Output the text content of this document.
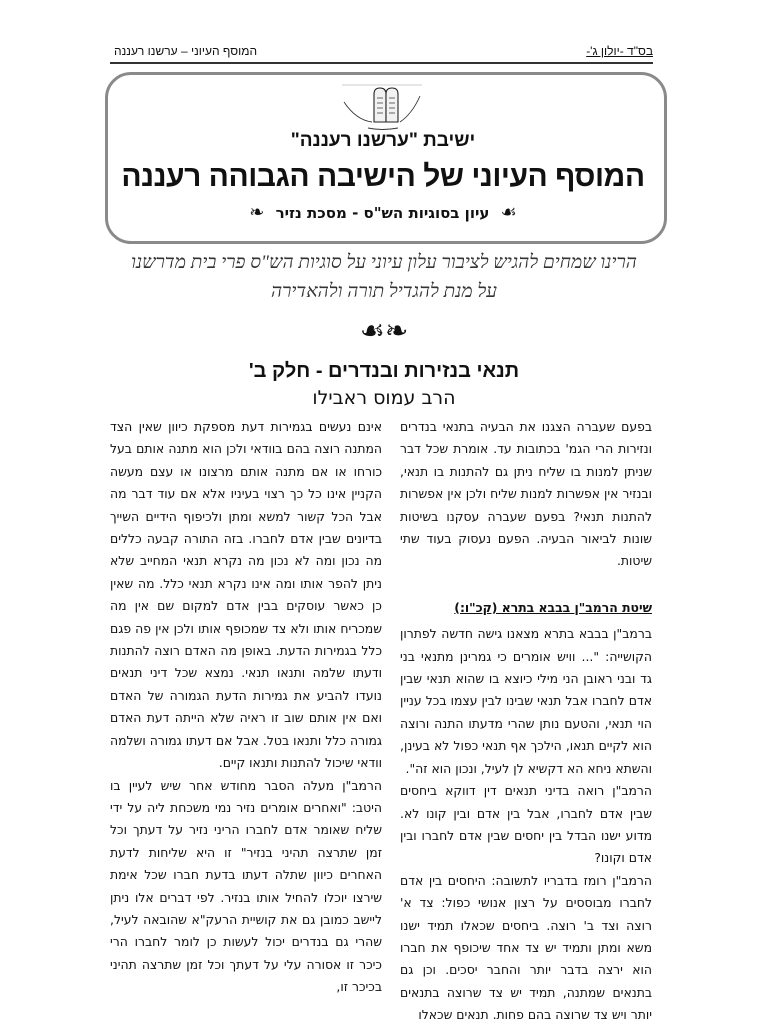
בס"ד -יולון ג'-
המוסף העיוני – ערשנו רעננה
ישיבת "ערשנו רעננה"
המוסף העיוני של הישיבה הגבוהה רעננה
☙ עיון בסוגיות הש"ס - מסכת נזיר ❧
הרינו שמחים להגיש לציבור עלון עיוני על סוגיות הש"ס פרי בית מדרשנו
על מנת להגדיל תורה ולהאדירה
☙❧
תנאי בנזירות ובנדרים - חלק ב'
הרב עמוס ראבילו

בפעם שעברה הצגנו את הבעיה בתנאי בנדרים ונזירות הרי הגמ' בכתובות עד. אומרת שכל דבר שניתן למנות בו שליח ניתן גם להתנות בו תנאי, ובנזיר אין אפשרות למנות שליח ולכן אין אפשרות להתנות תנאי? בפעם שעברה עסקנו בשיטות שונות לביאור הבעיה. הפעם נעסוק בעוד שתי שיטות.

שיטת הרמב"ן בבבא בתרא (קכ"ו:)

ברמב"ן בבבא בתרא מצאנו גישה חדשה לפתרון הקושייה: "... וויש אומרים כי גמרינן מתנאי בני גד ובני ראובן הני מילי כיוצא בו שהוא תנאי שבין אדם לחברו אבל תנאי שבינו לבין עצמו בכל עניין הוי תנאי, והטעם נותן שהרי מדעתו התנה ורוצה הוא לקיים תנאו, הילכך אף תנאי כפול לא בעינן, והשתא ניחא הא דקשיא לן לעיל, ונכון הוא זה".

הרמב"ן רואה בדיני תנאים דין דווקא ביחסים שבין אדם לחברו, אבל בין אדם ובין קונו לא. מדוע ישנו הבדל בין יחסים שבין אדם לחברו ובין אדם וקונו?

הרמב"ן רומז בדבריו לתשובה: היחסים בין אדם לחברו מבוססים על רצון אנושי כפול: צד א' רוצה וצד ב' רוצה. ביחסים שכאלו תמיד ישנו משא ומתן ותמיד יש צד אחד שיכופף את חברו הוא ירצה בדבר יותר והחבר יסכים. וכן גם בתנאים שמתנה, תמיד יש צד שרוצה בתנאים יותר ויש צד שרוצה בהם פחות. תנאים שכאלו

אינם נעשים בגמירות דעת מספקת כיוון שאין הצד המתנה רוצה בהם בוודאי ולכן הוא מתנה אותם בעל כורחו או אם מתנה אותם מרצונו או עצם מעשה הקניין אינו כל כך רצוי בעיניו אלא אם עוד דבר מה אבל הכל קשור למשא ומתן ולכיפוף הידיים השייך בדיונים שבין אדם לחברו. בזה התורה קבעה כללים מה נכון ומה לא נכון מה נקרא תנאי המחייב שלא ניתן להפר אותו ומה אינו נקרא תנאי כלל. מה שאין כן כאשר עוסקים בבין אדם למקום שם אין מה שמכריח אותו ולא צד שמכופף אותו ולכן אין פה פגם כלל בגמירות הדעת. באופן מה האדם רוצה להתנות ודעתו שלמה ותנאו תנאי. נמצא שכל דיני תנאים נועדו להביע את גמירות הדעת הגמורה של האדם ואם אין אותם שוב זו ראיה שלא הייתה דעת האדם גמורה כלל ותנאו בטל. אבל אם דעתו גמורה ושלמה וודאי שיכול להתנות ותנאו קיים.

הרמב"ן מעלה הסבר מחודש אחר שיש לעיין בו היטב: "ואחרים אומרים נזיר נמי משכחת ליה על ידי שליח שאומר אדם לחברו הריני נזיר על דעתך וכל זמן שתרצה תהיני בנזיר" זו היא שליחות לדעת האחרים כיוון שתלה דעתו בדעת חברו שכל אימת שירצו יוכלו להחיל אותו בנזיר. לפי דברים אלו ניתן ליישב כמובן גם את קושיית הרעק"א שהובאה לעיל, שהרי גם בנדרים יכול לעשות כן לומר לחברו הרי כיכר זו אסורה עלי על דעתך וכל זמן שתרצה תהיני בכיכר זו,
